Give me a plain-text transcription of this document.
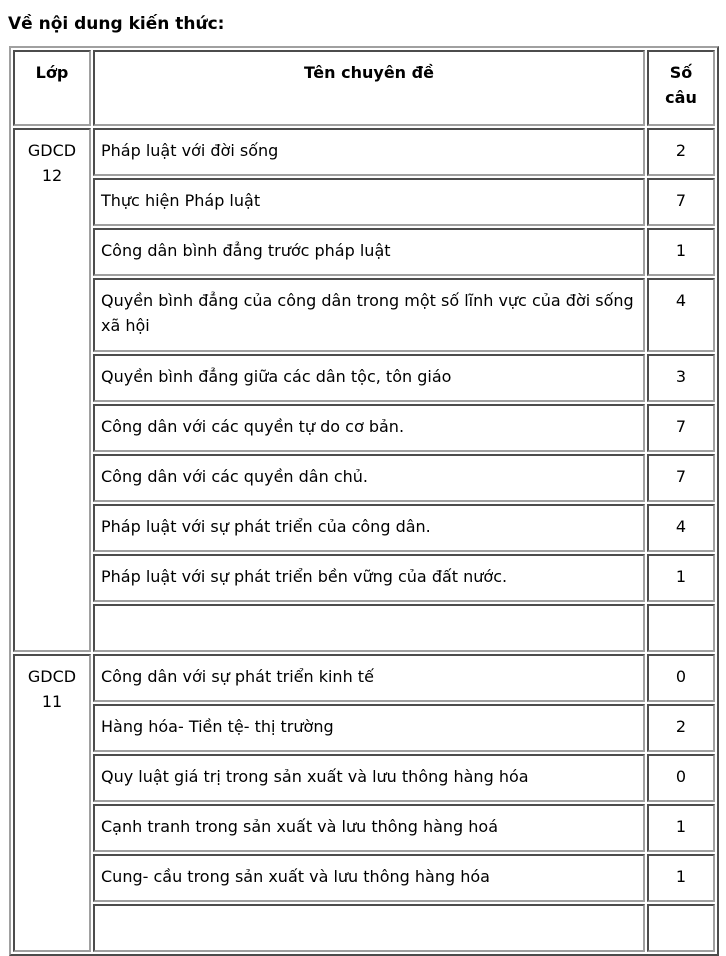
Về nội dung kiến thức:

Lớp	Tên chuyên đề	Số
câu
GDCD
12	Pháp luật với đời sống	2
	Thực hiện Pháp luật	7
	Công dân bình đẳng trước pháp luật	1
	Quyền bình đẳng của công dân trong một số lĩnh vực của đời sống xã hội	4
	Quyền bình đẳng giữa các dân tộc, tôn giáo	3
	Công dân với các quyền tự do cơ bản.	7
	Công dân với các quyền dân chủ.	7
	Pháp luật với sự phát triển của công dân.	4
	Pháp luật với sự phát triển bền vững của đất nước.	1

GDCD
11	Công dân với sự phát triển kinh tế	0
	Hàng hóa- Tiền tệ- thị trường	2
	Quy luật giá trị trong sản xuất và lưu thông hàng hóa	0
	Cạnh tranh trong sản xuất và lưu thông hàng hoá	1
	Cung- cầu trong sản xuất và lưu thông hàng hóa	1
